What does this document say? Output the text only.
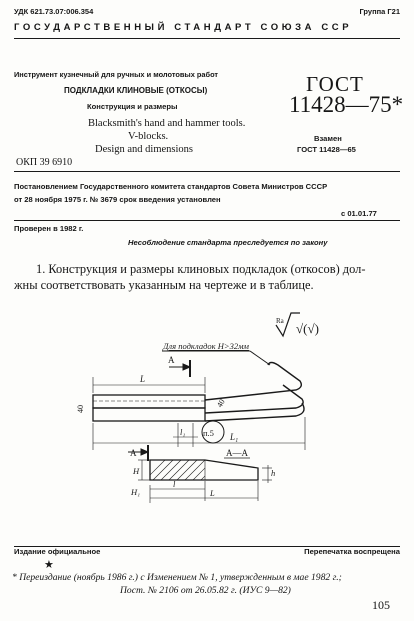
УДК 621.73.07:006.354	Группа Г21
ГОСУДАРСТВЕННЫЙ СТАНДАРТ СОЮЗА ССР
Инструмент кузнечный для ручных и молотовых работ
ПОДКЛАДКИ КЛИНОВЫЕ (ОТКОСЫ)
Конструкция и размеры
Blacksmith's hand and hammer tools.
V-blocks.
Design and dimensions
ОКП 39 6910
ГОСТ
11428—75*
Взамен
ГОСТ 11428—65
Постановлением Государственного комитета стандартов Совета Министров СССР
от 28 ноября 1975 г. № 3679 срок введения установлен
с 01.01.77
Проверен в 1982 г.
Несоблюдение стандарта преследуется по закону
1. Конструкция и размеры клиновых подкладок (откосов) дол-
жны соответствовать указанным на чертеже и в таблице.
Ra √(√)
Для подкладок H>32мм
А
L
40	40
l₁	L₁
п.5
А	А—А
H
H₁
h
l
L
Издание официальное	Перепечатка воспрещена
★
* Переиздание (ноябрь 1986 г.) с Изменением № 1, утвержденным в мае 1982 г.;
Пост. № 2106 от 26.05.82 г. (ИУС 9—82)
105
